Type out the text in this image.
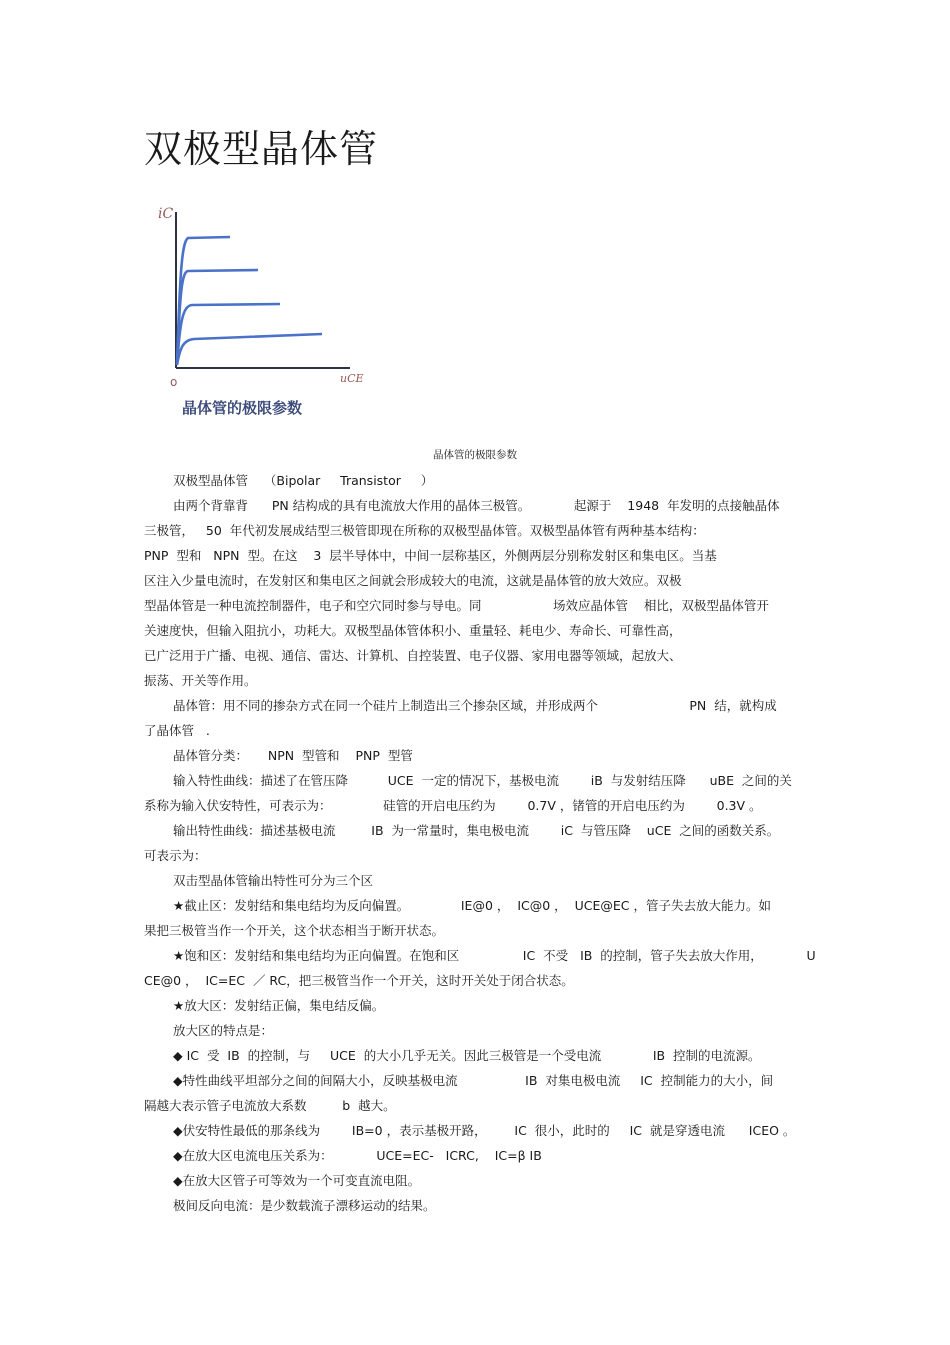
双极型晶体管
iC
uCE
o
晶体管的极限参数
晶体管的极限参数

双极型晶体管    （Bipolar     Transistor     ）

由两个背靠背      PN 结构成的具有电流放大作用的晶体三极管。           起源于    1948  年发明的点接触晶体

三极管，   50  年代初发展成结型三极管即现在所称的双极型晶体管。双极型晶体管有两种基本结构：

PNP  型和   NPN  型。在这    3  层半导体中，中间一层称基区，外侧两层分别称发射区和集电区。当基

区注入少量电流时，在发射区和集电区之间就会形成较大的电流，这就是晶体管的放大效应。双极

型晶体管是一种电流控制器件，电子和空穴同时参与导电。同                  场效应晶体管    相比，双极型晶体管开

关速度快，但输入阻抗小，功耗大。双极型晶体管体积小、重量轻、耗电少、寿命长、可靠性高，

已广泛用于广播、电视、通信、雷达、计算机、自控装置、电子仪器、家用电器等领域，起放大、

振荡、开关等作用。

晶体管：用不同的掺杂方式在同一个硅片上制造出三个掺杂区域，并形成两个                       PN  结，就构成

了晶体管   .

晶体管分类：     NPN  型管和    PNP  型管

输入特性曲线：描述了在管压降          UCE  一定的情况下，基极电流        iB  与发射结压降      uBE  之间的关

系称为输入伏安特性，可表示为：             硅管的开启电压约为        0.7V ，锗管的开启电压约为        0.3V 。

输出特性曲线：描述基极电流         IB  为一常量时，集电极电流        iC  与管压降    uCE  之间的函数关系。

可表示为：

双击型晶体管输出特性可分为三个区

★截止区：发射结和集电结均为反向偏置。             IE@0 ，  IC@0 ，  UCE@EC ，管子失去放大能力。如

果把三极管当作一个开关，这个状态相当于断开状态。

★饱和区：发射结和集电结均为正向偏置。在饱和区                IC  不受   IB  的控制，管子失去放大作用，           U

CE@0 ，  IC=EC  ／ RC，把三极管当作一个开关，这时开关处于闭合状态。

★放大区：发射结正偏，集电结反偏。

放大区的特点是：

◆ IC  受  IB  的控制，与     UCE  的大小几乎无关。因此三极管是一个受电流             IB  控制的电流源。

◆特性曲线平坦部分之间的间隔大小，反映基极电流                 IB  对集电极电流     IC  控制能力的大小，间

隔越大表示管子电流放大系数         b  越大。

◆伏安特性最低的那条线为        IB=0 ，表示基极开路，       IC  很小，此时的     IC  就是穿透电流      ICEO 。

◆在放大区电流电压关系为：           UCE=EC-   ICRC,    IC=β IB

◆在放大区管子可等效为一个可变直流电阻。

极间反向电流：是少数载流子漂移运动的结果。
